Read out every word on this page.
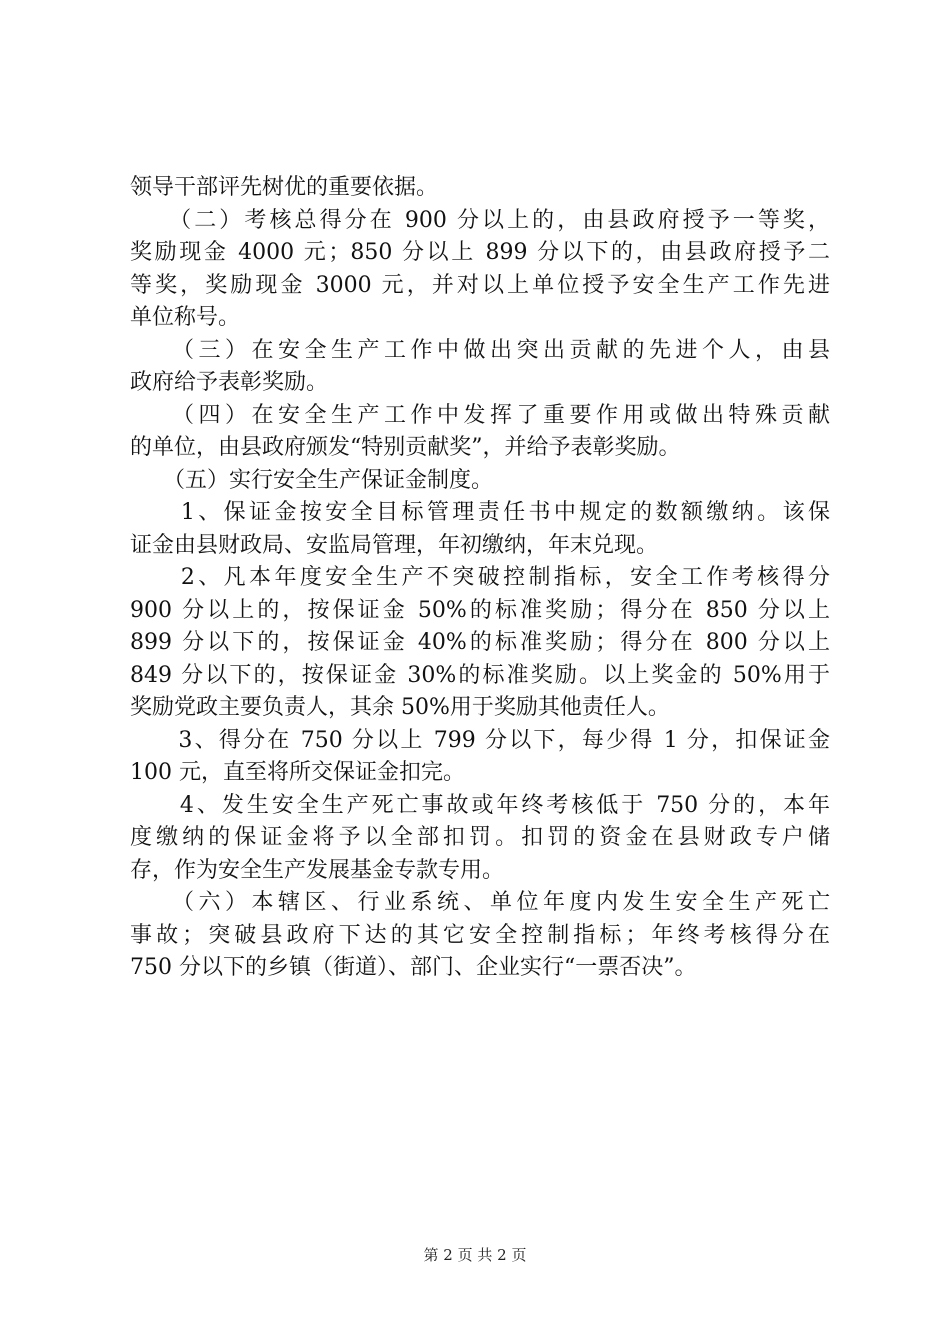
领导干部评先树优的重要依据。
　　（二）考核总得分在 900 分以上的，由县政府授予一等奖，
奖励现金 4000 元；850 分以上 899 分以下的，由县政府授予二
等奖，奖励现金 3000 元，并对以上单位授予安全生产工作先进
单位称号。
　　（三）在安全生产工作中做出突出贡献的先进个人，由县
政府给予表彰奖励。
　　（四）在安全生产工作中发挥了重要作用或做出特殊贡献
的单位，由县政府颁发“特别贡献奖”，并给予表彰奖励。
　　（五）实行安全生产保证金制度。
　　1、保证金按安全目标管理责任书中规定的数额缴纳。该保
证金由县财政局、安监局管理，年初缴纳，年末兑现。
　　2、凡本年度安全生产不突破控制指标，安全工作考核得分
900 分以上的，按保证金 50%的标准奖励；得分在 850 分以上
899 分以下的，按保证金 40%的标准奖励；得分在 800 分以上
849 分以下的，按保证金 30%的标准奖励。以上奖金的 50%用于
奖励党政主要负责人，其余 50%用于奖励其他责任人。
　　3、得分在 750 分以上 799 分以下，每少得 1 分，扣保证金
100 元，直至将所交保证金扣完。
　　4、发生安全生产死亡事故或年终考核低于 750 分的，本年
度缴纳的保证金将予以全部扣罚。扣罚的资金在县财政专户储
存，作为安全生产发展基金专款专用。
　　（六）本辖区、行业系统、单位年度内发生安全生产死亡
事故；突破县政府下达的其它安全控制指标；年终考核得分在
750 分以下的乡镇（街道）、部门、企业实行“一票否决”。
第 2 页 共 2 页
